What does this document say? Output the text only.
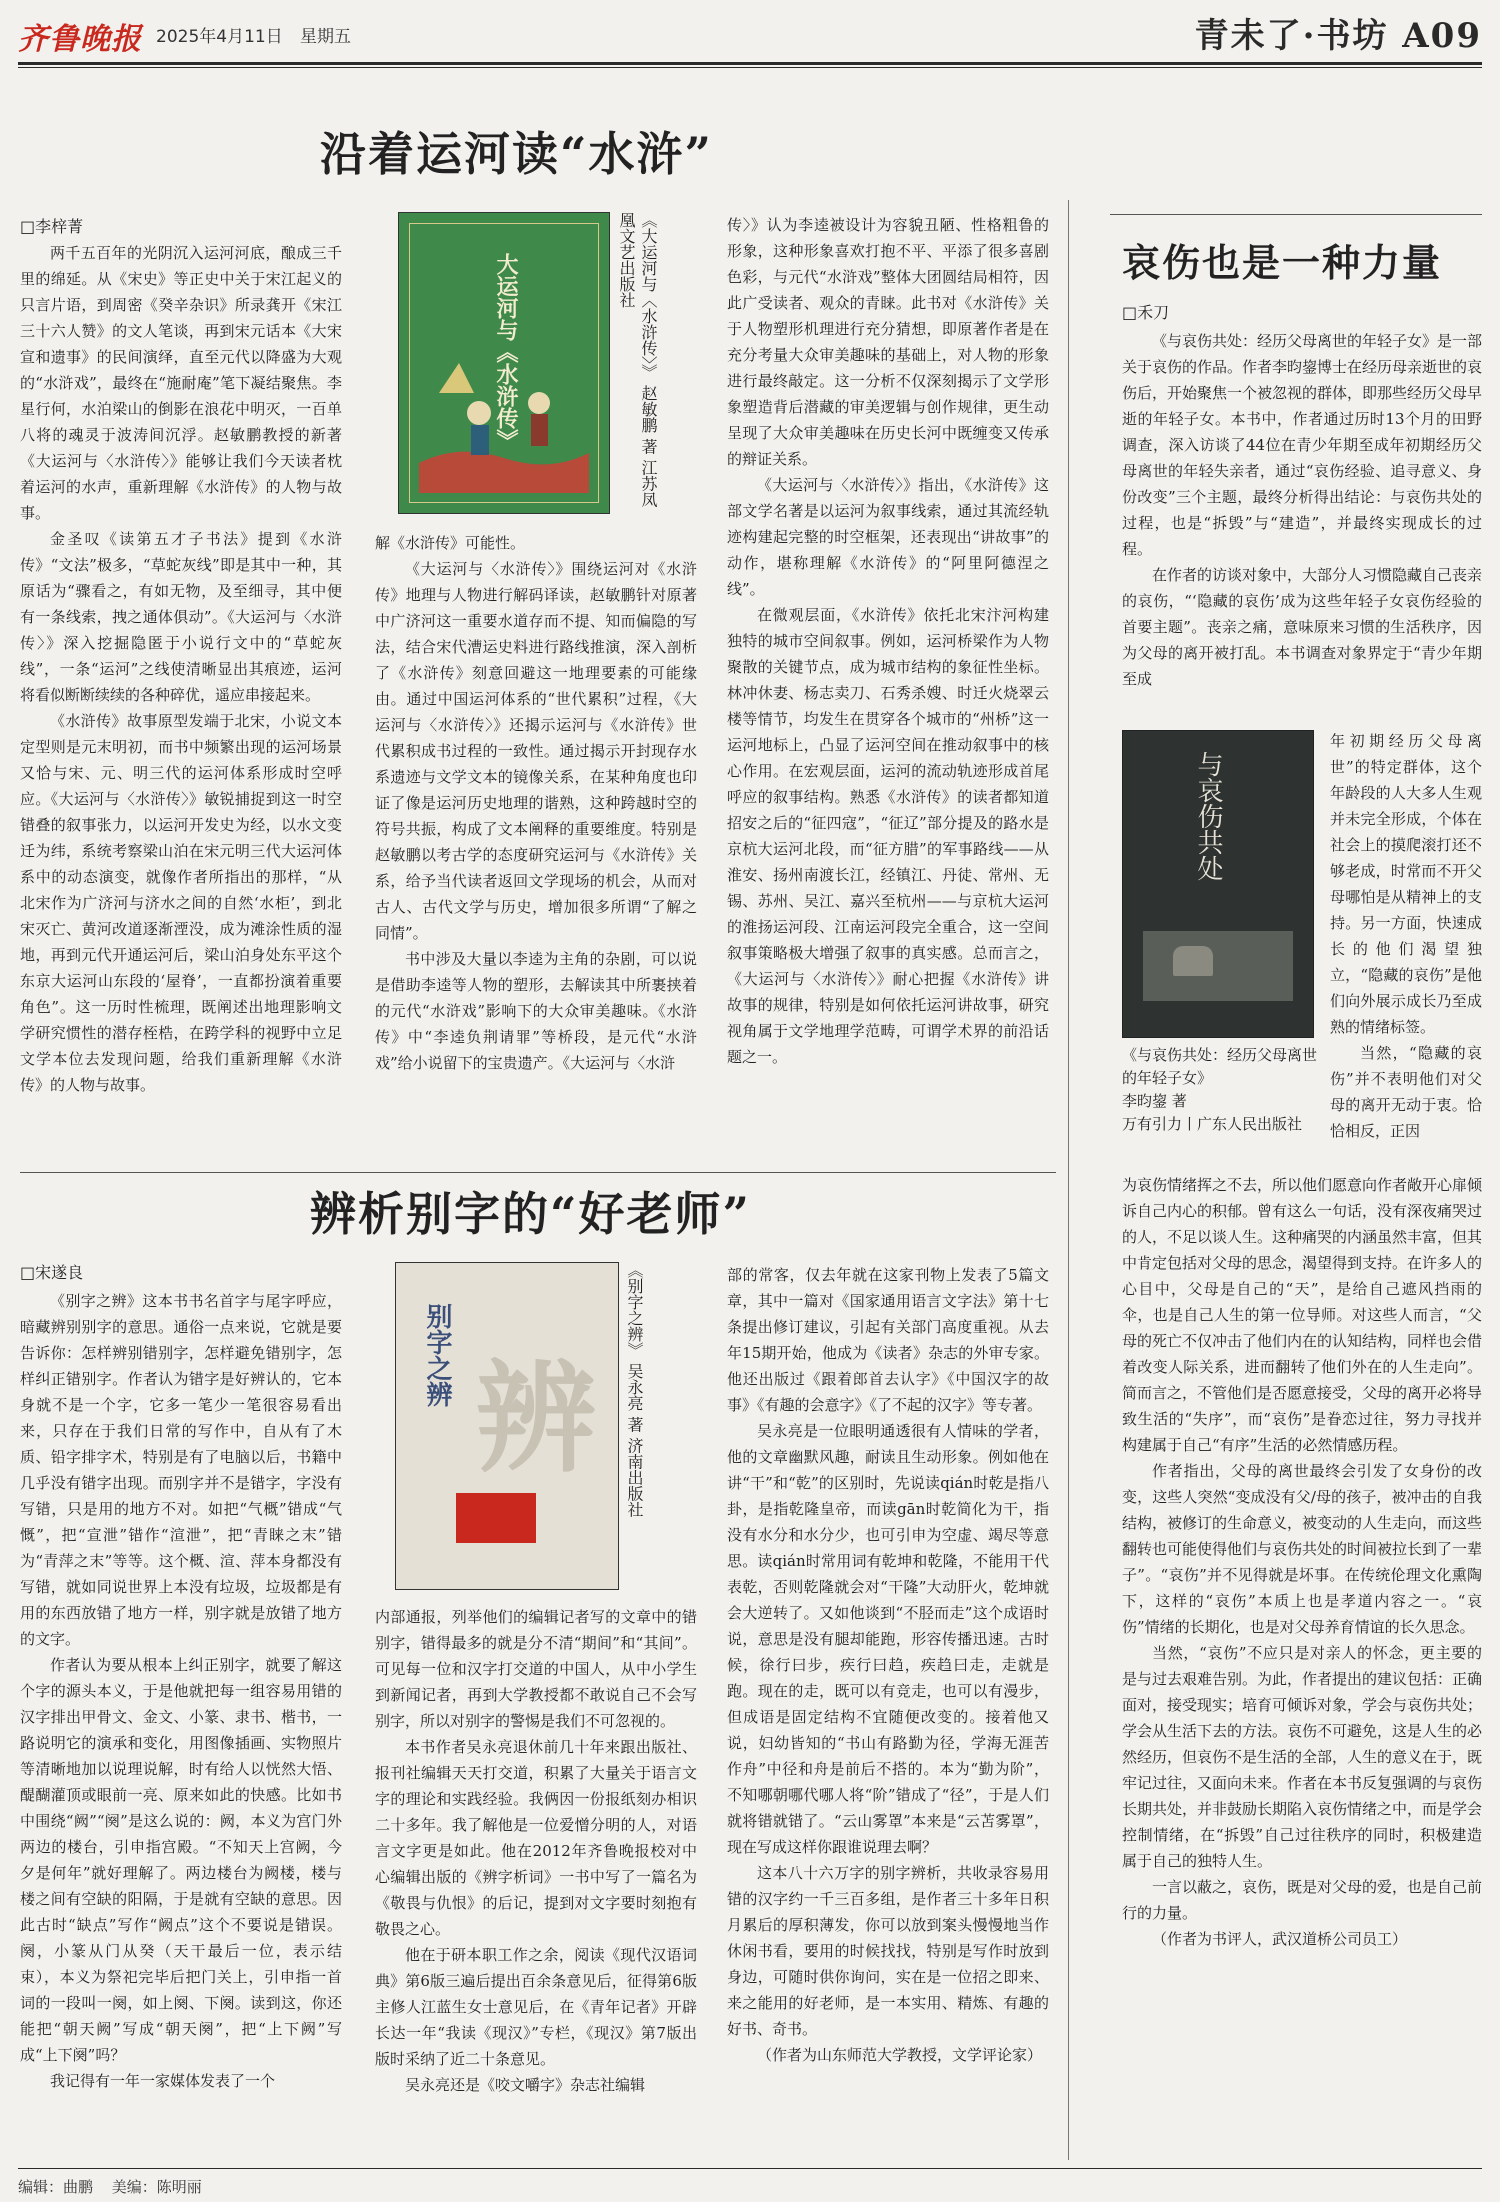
齐鲁晚报 2025年4月11日 星期五	青未了·书坊 A09
沿着运河读“水浒”
□李梓菁

两千五百年的光阴沉入运河河底，酿成三千里的绵延。从《宋史》等正史中关于宋江起义的只言片语，到周密《癸辛杂识》所录龚开《宋江三十六人赞》的文人笔谈，再到宋元话本《大宋宣和遗事》的民间演绎，直至元代以降盛为大观的“水浒戏”，最终在“施耐庵”笔下凝结聚焦。李星行何，水泊梁山的倒影在浪花中明灭，一百单八将的魂灵于波涛间沉浮。赵敏鹏教授的新著《大运河与〈水浒传〉》能够让我们今天读者枕着运河的水声，重新理解《水浒传》的人物与故事。

金圣叹《读第五才子书法》提到《水浒传》“文法”极多，“草蛇灰线”即是其中一种，其原话为“骤看之，有如无物，及至细寻，其中便有一条线索，拽之通体俱动”。《大运河与〈水浒传〉》深入挖掘隐匿于小说行文中的“草蛇灰线”，一条“运河”之线使清晰显出其痕迹，运河将看似断断续续的各种碎优，遥应串接起来。

《水浒传》故事原型发端于北宋，小说文本定型则是元末明初，而书中频繁出现的运河场景又恰与宋、元、明三代的运河体系形成时空呼应。《大运河与〈水浒传〉》敏锐捕捉到这一时空错叠的叙事张力，以运河开发史为经，以水文变迁为纬，系统考察梁山泊在宋元明三代大运河体系中的动态演变，就像作者所指出的那样，“从北宋作为广济河与济水之间的自然‘水柜’，到北宋灭亡、黄河改道逐渐湮没，成为滩涂性质的湿地，再到元代开通运河后，梁山泊身处东平这个东京大运河山东段的‘屋脊’，一直都扮演着重要角色”。这一历时性梳理，既阐述出地理影响文学研究惯性的潜存桎梏，在跨学科的视野中立足文学本位去发现问题，给我们重新理解《水浒传》的人物与故事。

大运河与《水浒传》	《大运河与〈水浒传〉》 赵敏鹏 著 江苏凤凰文艺出版社

解《水浒传》可能性。

《大运河与〈水浒传〉》围绕运河对《水浒传》地理与人物进行解码译读，赵敏鹏针对原著中广济河这一重要水道存而不提、知而偏隐的写法，结合宋代漕运史料进行路线推演，深入剖析了《水浒传》刻意回避这一地理要素的可能缘由。通过中国运河体系的“世代累积”过程，《大运河与〈水浒传〉》还揭示运河与《水浒传》世代累积成书过程的一致性。通过揭示开封现存水系遗迹与文学文本的镜像关系，在某种角度也印证了像是运河历史地理的谐熟，这种跨越时空的符号共振，构成了文本阐释的重要维度。特别是赵敏鹏以考古学的态度研究运河与《水浒传》关系，给予当代读者返回文学现场的机会，从而对古人、古代文学与历史，增加很多所谓“了解之同情”。

书中涉及大量以李逵为主角的杂剧，可以说是借助李逵等人物的塑形，去解读其中所裹挟着的元代“水浒戏”影响下的大众审美趣味。《水浒传》中“李逵负荆请罪”等桥段，是元代“水浒戏”给小说留下的宝贵遗产。《大运河与〈水浒

传〉》认为李逵被设计为容貌丑陋、性格粗鲁的形象，这种形象喜欢打抱不平、平添了很多喜剧色彩，与元代“水浒戏”整体大团圆结局相符，因此广受读者、观众的青睐。此书对《水浒传》关于人物塑形机理进行充分猜想，即原著作者是在充分考量大众审美趣味的基础上，对人物的形象进行最终敲定。这一分析不仅深刻揭示了文学形象塑造背后潜藏的审美逻辑与创作规律，更生动呈现了大众审美趣味在历史长河中既缠变又传承的辩证关系。

《大运河与〈水浒传〉》指出，《水浒传》这部文学名著是以运河为叙事线索，通过其流经轨迹构建起完整的时空框架，还表现出“讲故事”的动作，堪称理解《水浒传》的“阿里阿德涅之线”。

在微观层面，《水浒传》依托北宋汴河构建独特的城市空间叙事。例如，运河桥梁作为人物聚散的关键节点，成为城市结构的象征性坐标。林冲休妻、杨志卖刀、石秀杀嫂、时迁火烧翠云楼等情节，均发生在贯穿各个城市的“州桥”这一运河地标上，凸显了运河空间在推动叙事中的核心作用。在宏观层面，运河的流动轨迹形成首尾呼应的叙事结构。熟悉《水浒传》的读者都知道招安之后的“征四寇”，“征辽”部分提及的路水是京杭大运河北段，而“征方腊”的军事路线——从淮安、扬州南渡长江，经镇江、丹徒、常州、无锡、苏州、吴江、嘉兴至杭州——与京杭大运河的淮扬运河段、江南运河段完全重合，这一空间叙事策略极大增强了叙事的真实感。总而言之，《大运河与〈水浒传〉》耐心把握《水浒传》讲故事的规律，特别是如何依托运河讲故事，研究视角属于文学地理学范畴，可谓学术界的前沿话题之一。

辨析别字的“好老师”
□宋遂良

《别字之辨》这本书书名首字与尾字呼应，暗藏辨别别字的意思。通俗一点来说，它就是要告诉你：怎样辨别错别字，怎样避免错别字，怎样纠正错别字。作者认为错字是好辨认的，它本身就不是一个字，它多一笔少一笔很容易看出来，只存在于我们日常的写作中，自从有了木质、铅字排字术，特别是有了电脑以后，书籍中几乎没有错字出现。而别字并不是错字，字没有写错，只是用的地方不对。如把“气概”错成“气慨”，把“宣泄”错作“渲泄”，把“青睐之末”错为“青萍之末”等等。这个概、渲、萍本身都没有写错，就如同说世界上本没有垃圾，垃圾都是有用的东西放错了地方一样，别字就是放错了地方的文字。

作者认为要从根本上纠正别字，就要了解这个字的源头本义，于是他就把每一组容易用错的汉字排出甲骨文、金文、小篆、隶书、楷书，一路说明它的演承和变化，用图像插画、实物照片等清晰地加以说理说解，时有给人以恍然大悟、醍醐灌顶或眼前一亮、原来如此的快感。比如书中围绕“阙”“阕”是这么说的：阙，本义为宫门外两边的楼台，引申指宫殿。“不知天上宫阙，今夕是何年”就好理解了。两边楼台为阙楼，楼与楼之间有空缺的阳隔，于是就有空缺的意思。因此古时“缺点”写作“阙点”这个不要说是错误。阕，小篆从门从癸（天干最后一位，表示结束），本义为祭祀完毕后把门关上，引申指一首词的一段叫一阕，如上阕、下阕。读到这，你还能把“朝天阙”写成“朝天阕”，把“上下阙”写成“上下阕”吗？

我记得有一年一家媒体发表了一个

别字之辨 辨 《别字之辨》 吴永亮 著 济南出版社

内部通报，列举他们的编辑记者写的文章中的错别字，错得最多的就是分不清“期间”和“其间”。可见每一位和汉字打交道的中国人，从中小学生到新闻记者，再到大学教授都不敢说自己不会写别字，所以对别字的警惕是我们不可忽视的。

本书作者吴永亮退休前几十年来跟出版社、报刊社编辑天天打交道，积累了大量关于语言文字的理论和实践经验。我俩因一份报纸刻办相识二十多年。我了解他是一位爱憎分明的人，对语言文字更是如此。他在2012年齐鲁晚报校对中心编辑出版的《辨字析词》一书中写了一篇名为《敬畏与仇恨》的后记，提到对文字要时刻抱有敬畏之心。

他在于研本职工作之余，阅读《现代汉语词典》第6版三遍后提出百余条意见后，征得第6版主修人江蓝生女士意见后，在《青年记者》开辟长达一年“我读《现汉》”专栏，《现汉》第7版出版时采纳了近二十条意见。

吴永亮还是《咬文嚼字》杂志社编辑

部的常客，仅去年就在这家刊物上发表了5篇文章，其中一篇对《国家通用语言文字法》第十七条提出修订建议，引起有关部门高度重视。从去年15期开始，他成为《读者》杂志的外审专家。他还出版过《跟着郎首去认字》《中国汉字的故事》《有趣的会意字》《了不起的汉字》等专著。

吴永亮是一位眼明通透很有人情味的学者，他的文章幽默风趣，耐读且生动形象。例如他在讲“干”和“乾”的区别时，先说读qián时乾是指八卦，是指乾隆皇帝，而读gān时乾简化为干，指没有水分和水分少，也可引申为空虚、竭尽等意思。读qián时常用词有乾坤和乾隆，不能用干代表乾，否则乾隆就会对“干隆”大动肝火，乾坤就会大逆转了。又如他谈到“不胫而走”这个成语时说，意思是没有腿却能跑，形容传播迅速。古时候，徐行曰步，疾行曰趋，疾趋曰走，走就是跑。现在的走，既可以有竞走，也可以有漫步，但成语是固定结构不宜随便改变的。接着他又说，妇幼皆知的“书山有路勤为径，学海无涯苦作舟”中径和舟是前后不搭的。本为“勤为阶”，不知哪朝哪代哪人将“阶”错成了“径”，于是人们就将错就错了。“云山雾罩”本来是“云苫雾罩”，现在写成这样你跟谁说理去啊？

这本八十六万字的别字辨析，共收录容易用错的汉字约一千三百多组，是作者三十多年日积月累后的厚积薄发，你可以放到案头慢慢地当作休闲书看，要用的时候找找，特别是写作时放到身边，可随时供你询问，实在是一位招之即来、来之能用的好老师，是一本实用、精炼、有趣的好书、奇书。

（作者为山东师范大学教授，文学评论家）

哀伤也是一种力量
□禾刀

《与哀伤共处：经历父母离世的年轻子女》是一部关于哀伤的作品。作者李昀鋆博士在经历母亲逝世的哀伤后，开始聚焦一个被忽视的群体，即那些经历父母早逝的年轻子女。本书中，作者通过历时13个月的田野调查，深入访谈了44位在青少年期至成年初期经历父母离世的年轻失亲者，通过“哀伤经验、追寻意义、身份改变”三个主题，最终分析得出结论：与哀伤共处的过程，也是“拆毁”与“建造”，并最终实现成长的过程。

在作者的访谈对象中，大部分人习惯隐藏自己丧亲的哀伤，“‘隐藏的哀伤’成为这些年轻子女哀伤经验的首要主题”。丧亲之痛，意味原来习惯的生活秩序，因为父母的离开被打乱。本书调查对象界定于“青少年期至成

与哀伤共处
《与哀伤共处：经历父母离世的年轻子女》
李昀鋆 著
万有引力丨广东人民出版社

年初期经历父母离世”的特定群体，这个年龄段的人大多人生观并未完全形成，个体在社会上的摸爬滚打还不够老成，时常而不开父母哪怕是从精神上的支持。另一方面，快速成长的他们渴望独立，“隐藏的哀伤”是他们向外展示成长乃至成熟的情绪标签。

当然，“隐藏的哀伤”并不表明他们对父母的离开无动于衷。恰恰相反，正因

为哀伤情绪挥之不去，所以他们愿意向作者敞开心扉倾诉自己内心的积郁。曾有这么一句话，没有深夜痛哭过的人，不足以谈人生。这种痛哭的内涵虽然丰富，但其中肯定包括对父母的思念，渴望得到支持。在许多人的心目中，父母是自己的“天”，是给自己遮风挡雨的伞，也是自己人生的第一位导师。对这些人而言，“父母的死亡不仅冲击了他们内在的认知结构，同样也会借着改变人际关系，进而翻转了他们外在的人生走向”。简而言之，不管他们是否愿意接受，父母的离开必将导致生活的“失序”，而“哀伤”是眷恋过往，努力寻找并构建属于自己“有序”生活的必然情感历程。

作者指出，父母的离世最终会引发了女身份的改变，这些人突然“变成没有父/母的孩子，被冲击的自我结构，被修订的生命意义，被变动的人生走向，而这些翻转也可能使得他们与哀伤共处的时间被拉长到了一辈子”。“哀伤”并不见得就是坏事。在传统伦理文化熏陶下，这样的“哀伤”本质上也是孝道内容之一。“哀伤”情绪的长期化，也是对父母养育情谊的长久思念。

当然，“哀伤”不应只是对亲人的怀念，更主要的是与过去艰难告别。为此，作者提出的建议包括：正确面对，接受现实；培育可倾诉对象，学会与哀伤共处；学会从生活下去的方法。哀伤不可避免，这是人生的必然经历，但哀伤不是生活的全部，人生的意义在于，既牢记过往，又面向未来。作者在本书反复强调的与哀伤长期共处，并非鼓励长期陷入哀伤情绪之中，而是学会控制情绪，在“拆毁”自己过往秩序的同时，积极建造属于自己的独特人生。

一言以蔽之，哀伤，既是对父母的爱，也是自己前行的力量。

（作者为书评人，武汉道桥公司员工）

编辑：曲鹏 美编：陈明丽
